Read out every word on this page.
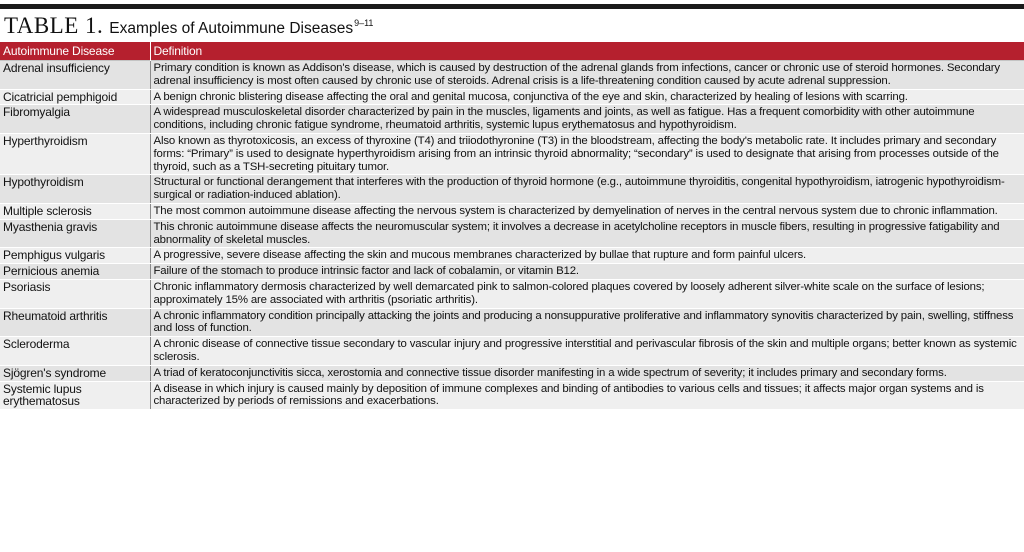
TABLE 1. Examples of Autoimmune Diseases$^{9-11}$
Autoimmune Disease	Definition
Adrenal insufficiency	Primary condition is known as Addison's disease, which is caused by destruction of the adrenal glands from infections, cancer or chronic use of steroid hormones. Secondary adrenal insufficiency is most often caused by chronic use of steroids. Adrenal crisis is a life-threatening condition caused by acute adrenal suppression.
Cicatricial pemphigoid	A benign chronic blistering disease affecting the oral and genital mucosa, conjunctiva of the eye and skin, characterized by healing of lesions with scarring.
Fibromyalgia	A widespread musculoskeletal disorder characterized by pain in the muscles, ligaments and joints, as well as fatigue. Has a frequent comorbidity with other autoimmune conditions, including chronic fatigue syndrome, rheumatoid arthritis, systemic lupus erythematosus and hypothyroidism.
Hyperthyroidism	Also known as thyrotoxicosis, an excess of thyroxine (T4) and triiodothyronine (T3) in the bloodstream, affecting the body's metabolic rate. It includes primary and secondary forms: “Primary” is used to designate hyperthyroidism arising from an intrinsic thyroid abnormality; “secondary” is used to designate that arising from processes outside of the thyroid, such as a TSH-secreting pituitary tumor.
Hypothyroidism	Structural or functional derangement that interferes with the production of thyroid hormone (e.g., autoimmune thyroiditis, congenital hypothyroidism, iatrogenic hypothyroidism-surgical or radiation-induced ablation).
Multiple sclerosis	The most common autoimmune disease affecting the nervous system is characterized by demyelination of nerves in the central nervous system due to chronic inflammation.
Myasthenia gravis	This chronic autoimmune disease affects the neuromuscular system; it involves a decrease in acetylcholine receptors in muscle fibers, resulting in progressive fatigability and abnormality of skeletal muscles.
Pemphigus vulgaris	A progressive, severe disease affecting the skin and mucous membranes characterized by bullae that rupture and form painful ulcers.
Pernicious anemia	Failure of the stomach to produce intrinsic factor and lack of cobalamin, or vitamin B12.
Psoriasis	Chronic inflammatory dermosis characterized by well demarcated pink to salmon-colored plaques covered by loosely adherent silver-white scale on the surface of lesions; approximately 15% are associated with arthritis (psoriatic arthritis).
Rheumatoid arthritis	A chronic inflammatory condition principally attacking the joints and producing a nonsuppurative proliferative and inflammatory synovitis characterized by pain, swelling, stiffness and loss of function.
Scleroderma	A chronic disease of connective tissue secondary to vascular injury and progressive interstitial and perivascular fibrosis of the skin and multiple organs; better known as systemic sclerosis.
Sjögren's syndrome	A triad of keratoconjunctivitis sicca, xerostomia and connective tissue disorder manifesting in a wide spectrum of severity; it includes primary and secondary forms.
Systemic lupus erythematosus	A disease in which injury is caused mainly by deposition of immune complexes and binding of antibodies to various cells and tissues; it affects major organ systems and is characterized by periods of remissions and exacerbations.
